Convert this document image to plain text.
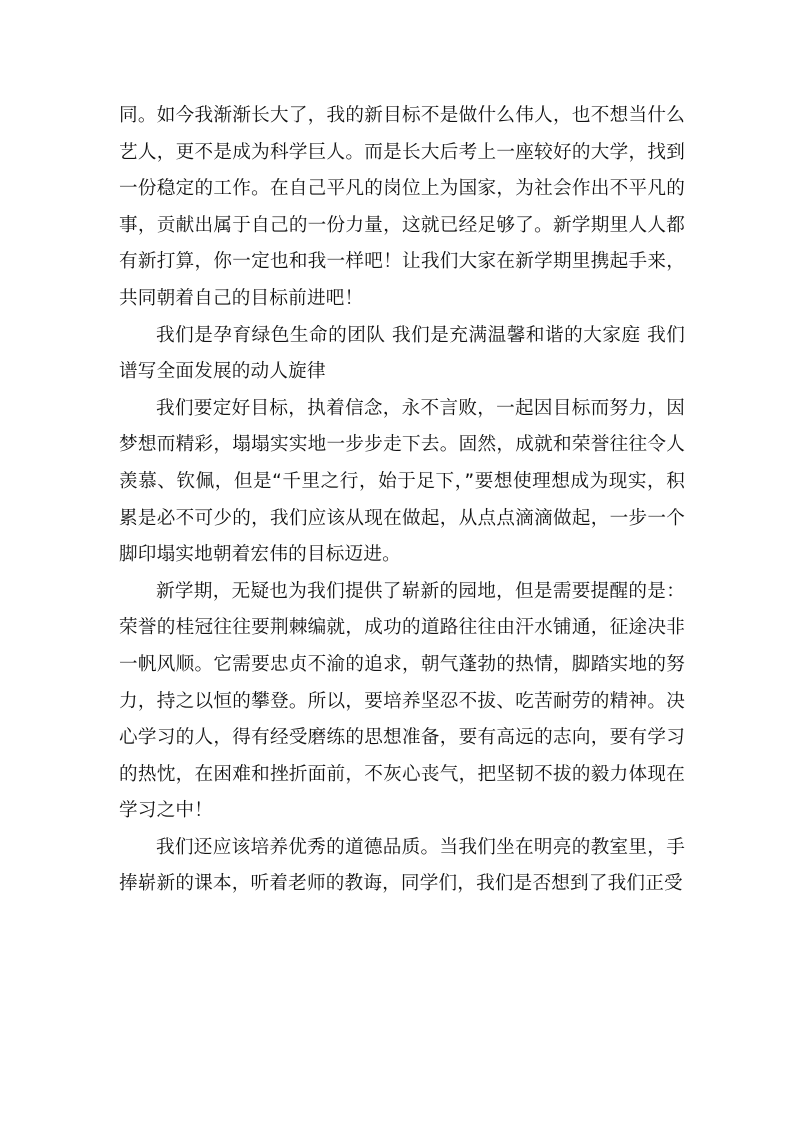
同。如今我渐渐长大了，我的新目标不是做什么伟人，也不想当什么艺人，更不是成为科学巨人。而是长大后考上一座较好的大学，找到一份稳定的工作。在自己平凡的岗位上为国家，为社会作出不平凡的事，贡献出属于自己的一份力量，这就已经足够了。新学期里人人都有新打算，你一定也和我一样吧！让我们大家在新学期里携起手来，共同朝着自己的目标前进吧！

我们是孕育绿色生命的团队 我们是充满温馨和谐的大家庭 我们谱写全面发展的动人旋律

我们要定好目标，执着信念，永不言败，一起因目标而努力，因梦想而精彩，塌塌实实地一步步走下去。固然，成就和荣誉往往令人羡慕、钦佩，但是“千里之行，始于足下，”要想使理想成为现实，积累是必不可少的，我们应该从现在做起，从点点滴滴做起，一步一个脚印塌实地朝着宏伟的目标迈进。

新学期，无疑也为我们提供了崭新的园地，但是需要提醒的是：荣誉的桂冠往往要荆棘编就，成功的道路往往由汗水铺通，征途决非一帆风顺。它需要忠贞不渝的追求，朝气蓬勃的热情，脚踏实地的努力，持之以恒的攀登。所以，要培养坚忍不拔、吃苦耐劳的精神。决心学习的人，得有经受磨练的思想准备，要有高远的志向，要有学习的热忱，在困难和挫折面前，不灰心丧气，把坚韧不拔的毅力体现在学习之中！

我们还应该培养优秀的道德品质。当我们坐在明亮的教室里，手捧崭新的课本，听着老师的教诲，同学们，我们是否想到了我们正受
